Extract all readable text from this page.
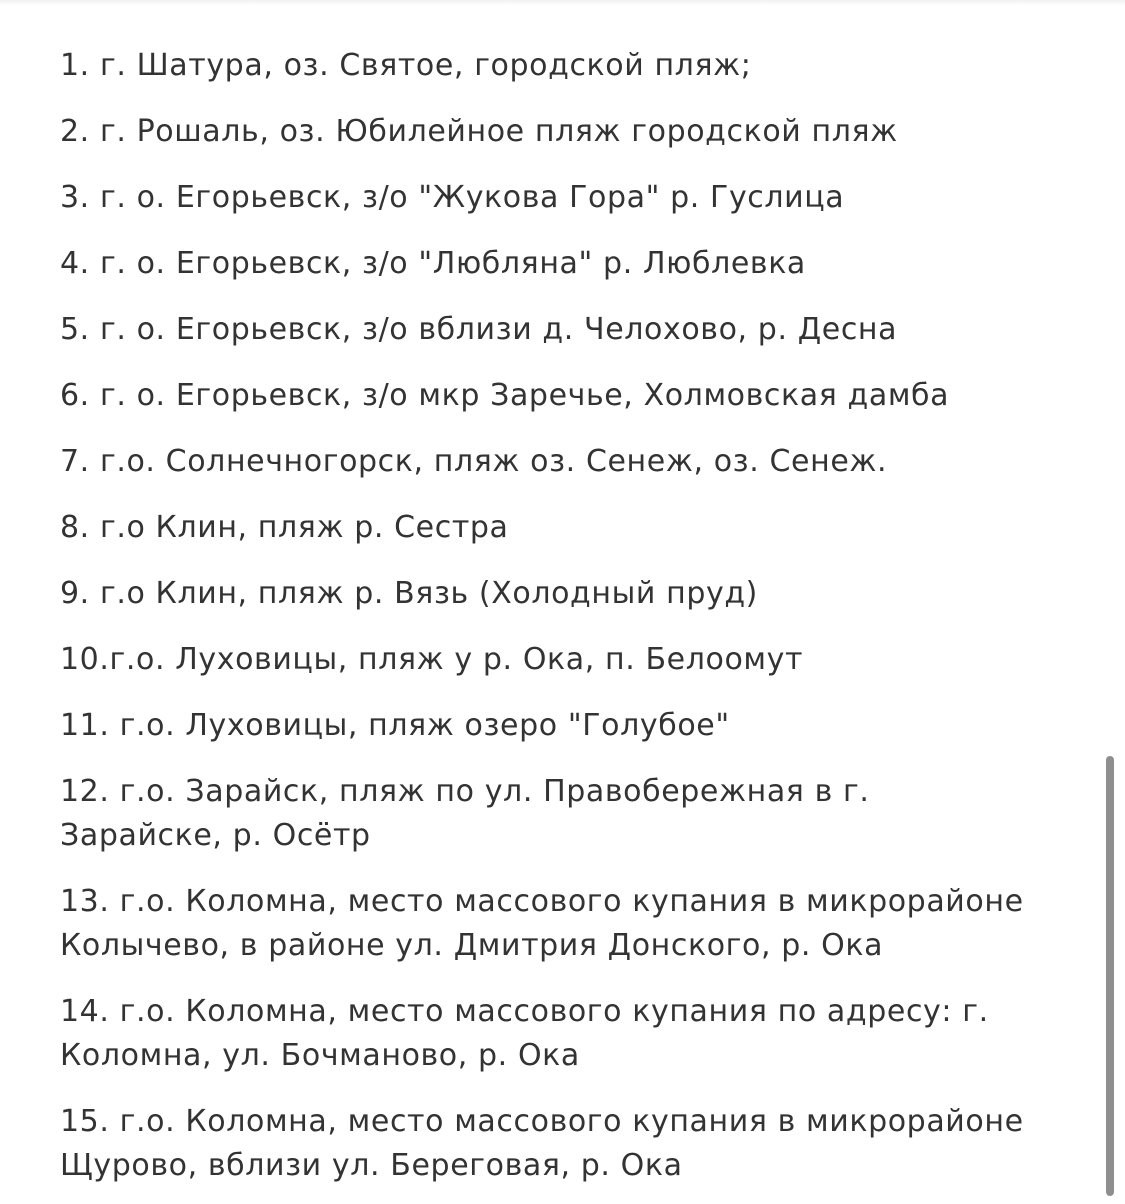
1. г. Шатура, оз. Святое, городской пляж;
2. г. Рошаль, оз. Юбилейное пляж городской пляж
3. г. о. Егорьевск, з/о "Жукова Гора" р. Гуслица
4. г. о. Егорьевск, з/о "Любляна" р. Люблевка
5. г. о. Егорьевск, з/о вблизи д. Челохово, р. Десна
6. г. о. Егорьевск, з/о мкр Заречье, Холмовская дамба
7. г.о. Солнечногорск, пляж оз. Сенеж, оз. Сенеж.
8. г.о Клин, пляж р. Сестра
9. г.о Клин, пляж р. Вязь (Холодный пруд)
10.г.о. Луховицы, пляж у р. Ока, п. Белоомут
11. г.о. Луховицы, пляж озеро "Голубое"
12. г.о. Зарайск, пляж по ул. Правобережная в г.
Зарайске, р. Осётр
13. г.о. Коломна, место массового купания в микрорайоне
Колычево, в районе ул. Дмитрия Донского, р. Ока
14. г.о. Коломна, место массового купания по адресу: г.
Коломна, ул. Бочманово, р. Ока
15. г.о. Коломна, место массового купания в микрорайоне
Щурово, вблизи ул. Береговая, р. Ока
